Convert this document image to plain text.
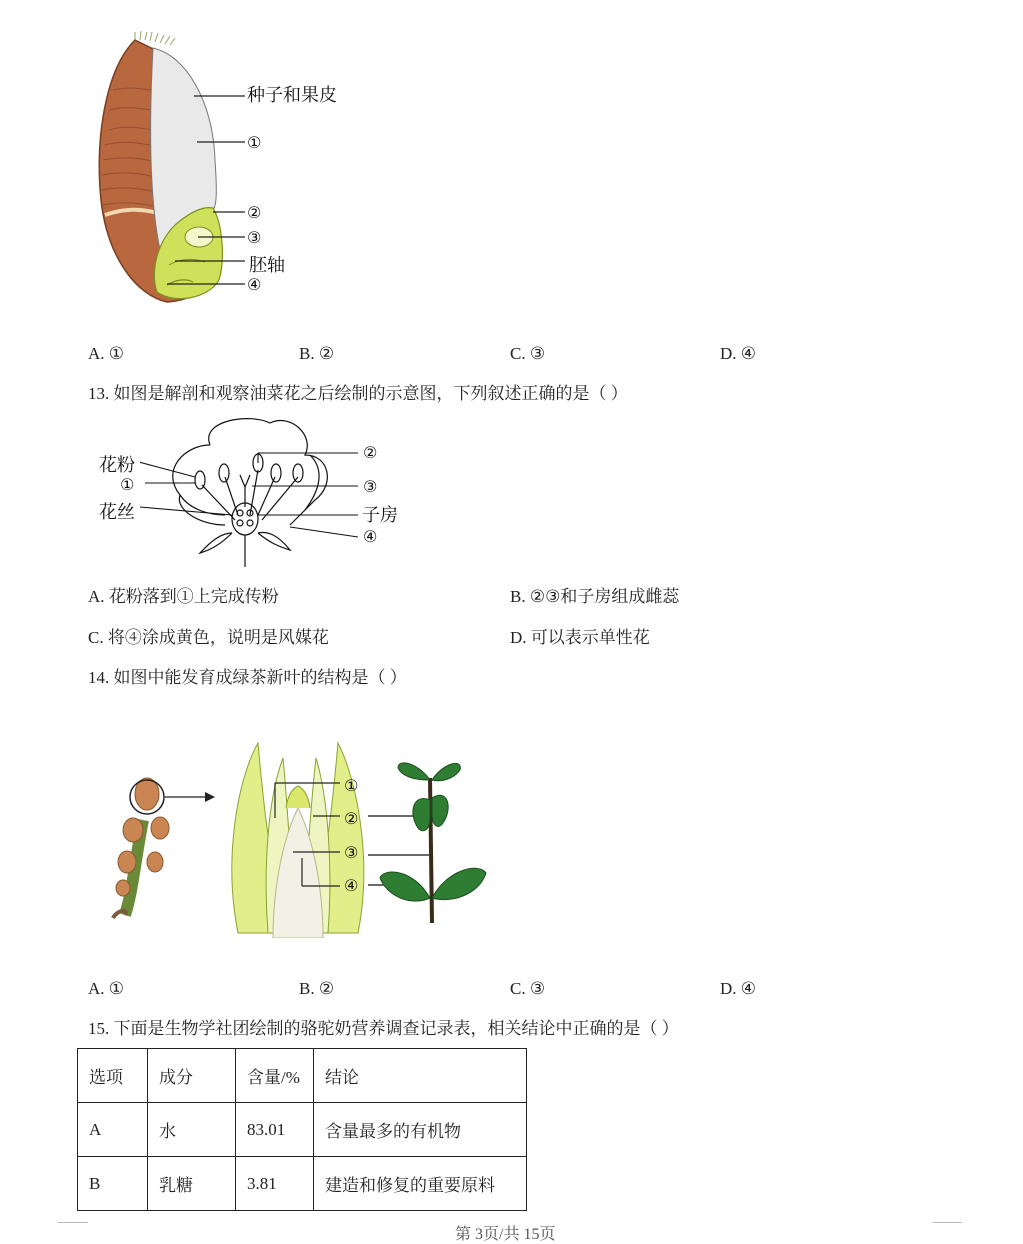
种子和果皮
①
②
③
胚轴
④
A. ①	B. ②	C. ③	D. ④
13. 如图是解剖和观察油菜花之后绘制的示意图，下列叙述正确的是（ ）
花粉
①
花丝
②
③
子房
④
A. 花粉落到①上完成传粉	B. ②③和子房组成雌蕊
C. 将④涂成黄色，说明是风媒花	D. 可以表示单性花
14. 如图中能发育成绿茶新叶的结构是（ ）
①
②
③
④
A. ①	B. ②	C. ③	D. ④
15. 下面是生物学社团绘制的骆驼奶营养调查记录表，相关结论中正确的是（ ）
选项	成分	含量/%	结论
A	水	83.01	含量最多的有机物
B	乳糖	3.81	建造和修复的重要原料
第 3页/共 15页
